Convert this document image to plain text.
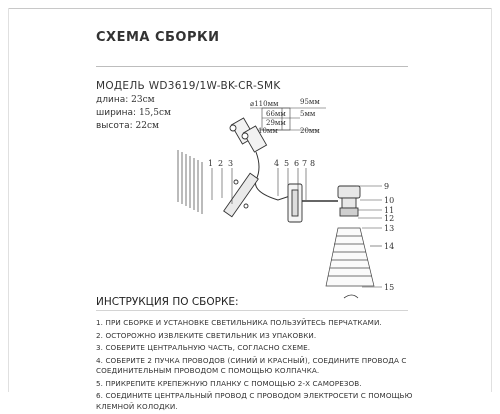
СХЕМА СБОРКИ
МОДЕЛЬ WD3619/1W-BK-CR-SMK
длина: 23см
ширина: 15,5см
высота: 22см
⌀110мм
66мм
95мм
29мм
5мм
10мм	20мм
1 2 3	4 5 6 7 8
9
10
11
12
13
14
15
ИНСТРУКЦИЯ ПО СБОРКЕ:
1. ПРИ СБОРКЕ И УСТАНОВКЕ СВЕТИЛЬНИКА ПОЛЬЗУЙТЕСЬ ПЕРЧАТКАМИ.
2. ОСТОРОЖНО ИЗВЛЕКИТЕ СВЕТИЛЬНИК ИЗ УПАКОВКИ.
3. СОБЕРИТЕ ЦЕНТРАЛЬНУЮ ЧАСТЬ, СОГЛАСНО СХЕМЕ.
4. СОБЕРИТЕ 2 ПУЧКА ПРОВОДОВ (СИНИЙ И КРАСНЫЙ), СОЕДИНИТЕ ПРОВОДА С СОЕДИНИТЕЛЬНЫМ ПРОВОДОМ С ПОМОЩЬЮ КОЛПАЧКА.
5. ПРИКРЕПИТЕ КРЕПЕЖНУЮ ПЛАНКУ С ПОМОЩЬЮ 2-Х САМОРЕЗОВ.
6. СОЕДИНИТЕ ЦЕНТРАЛЬНЫЙ ПРОВОД С ПРОВОДОМ ЭЛЕКТРОСЕТИ С ПОМОЩЬЮ КЛЕМНОЙ КОЛОДКИ.
